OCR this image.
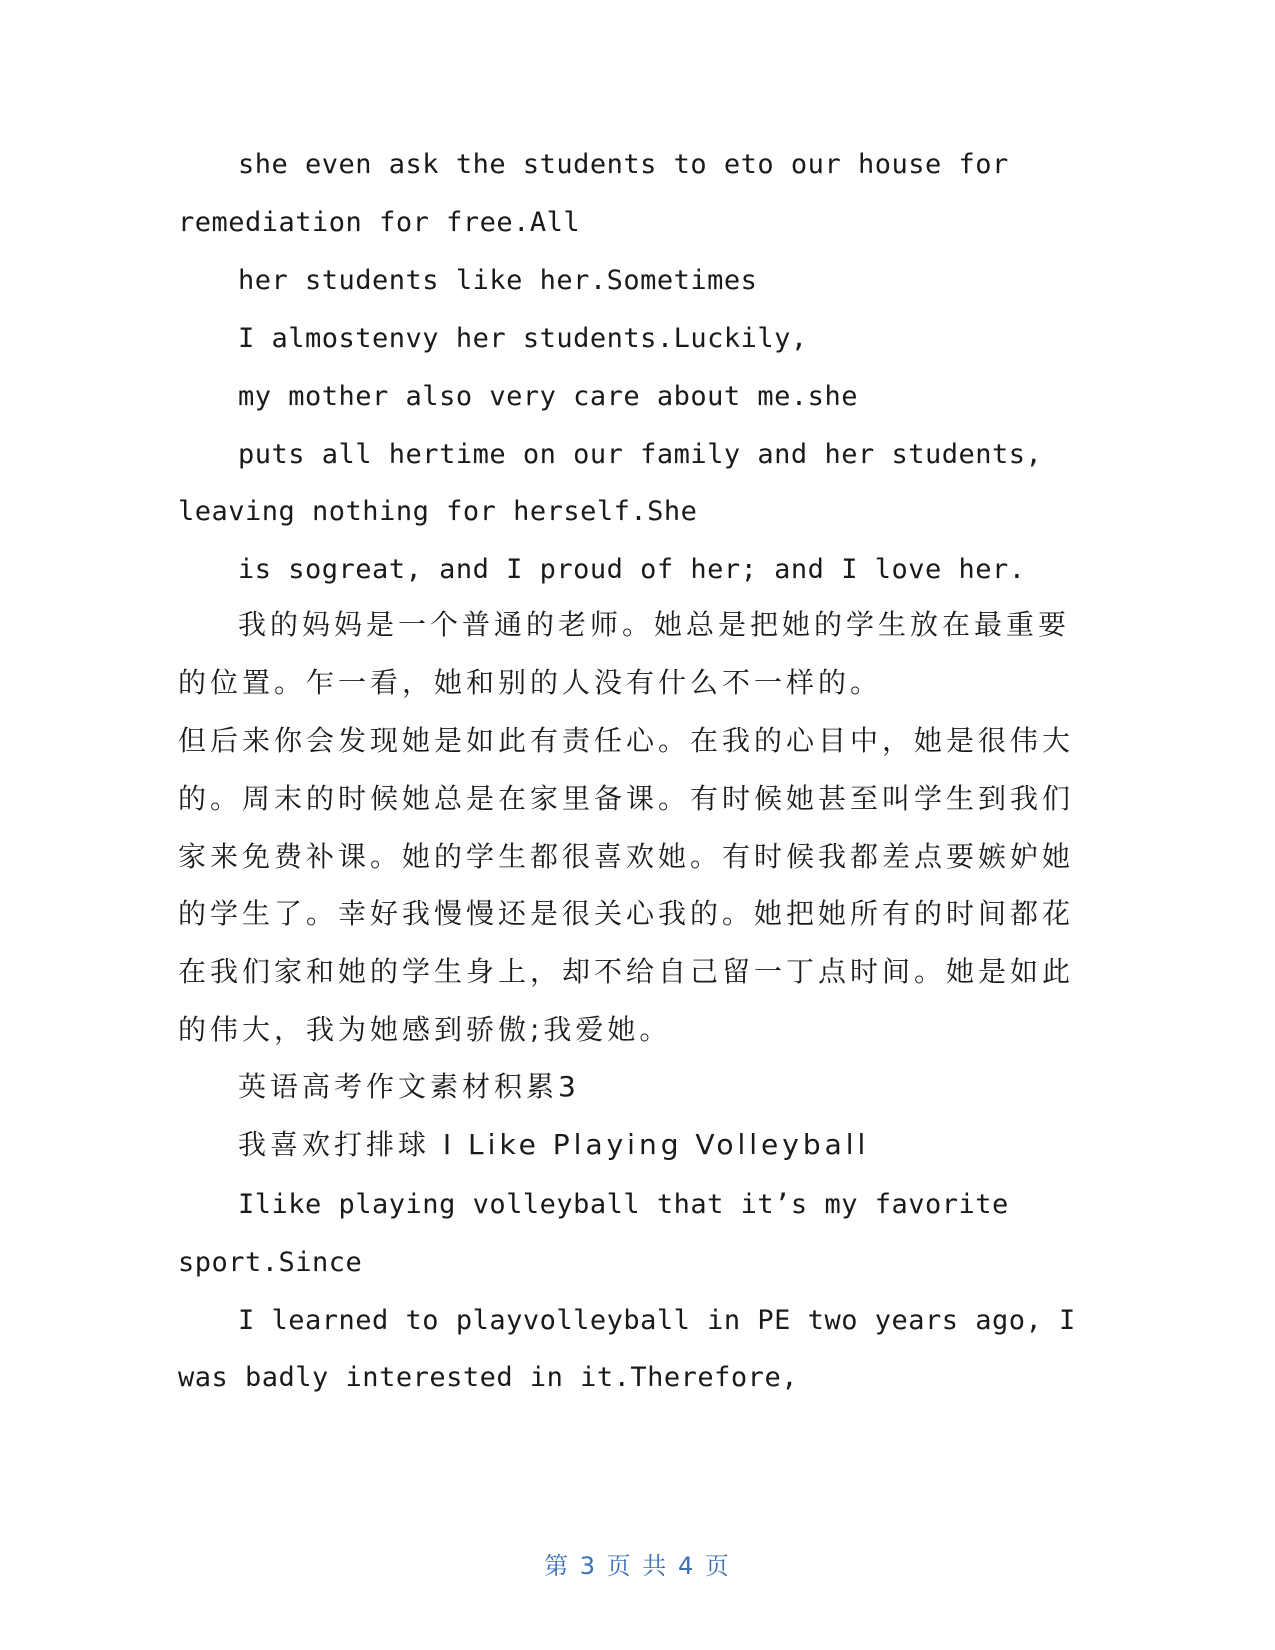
she even ask the students to eto our house for
remediation for free.All
her students like her.Sometimes
I almostenvy her students.Luckily,
my mother also very care about me.she
puts all hertime on our family and her students,
leaving nothing for herself.She
is sogreat, and I proud of her; and I love her.
我的妈妈是一个普通的老师。她总是把她的学生放在最重要
的位置。乍一看，她和别的人没有什么不一样的。
但后来你会发现她是如此有责任心。在我的心目中，她是很伟大
的。周末的时候她总是在家里备课。有时候她甚至叫学生到我们
家来免费补课。她的学生都很喜欢她。有时候我都差点要嫉妒她
的学生了。幸好我慢慢还是很关心我的。她把她所有的时间都花
在我们家和她的学生身上，却不给自己留一丁点时间。她是如此
的伟大，我为她感到骄傲;我爱她。
英语高考作文素材积累3
我喜欢打排球 I Like Playing Volleyball
Ilike playing volleyball that it’s my favorite
sport.Since
I learned to playvolleyball in PE two years ago, I
was badly interested in it.Therefore,
第 3 页 共 4 页
